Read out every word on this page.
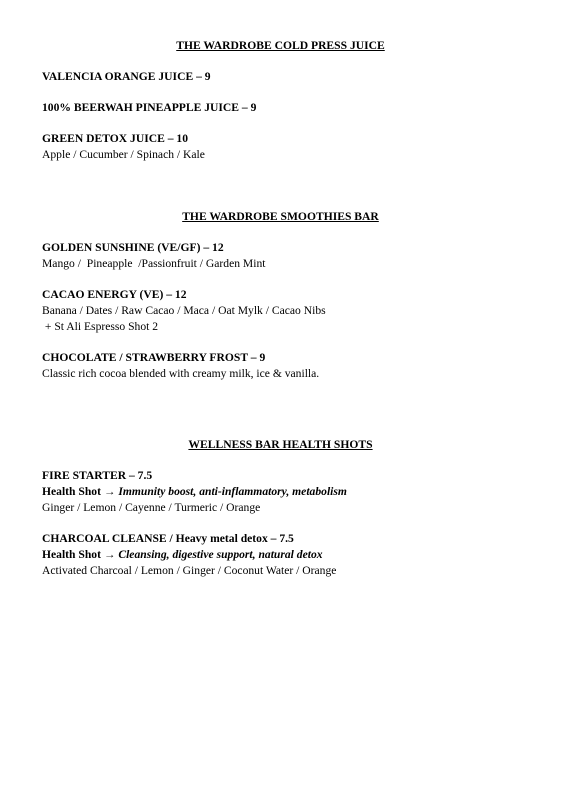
THE WARDROBE COLD PRESS JUICE
VALENCIA ORANGE JUICE – 9
100% BEERWAH PINEAPPLE JUICE – 9
GREEN DETOX JUICE – 10
Apple / Cucumber / Spinach / Kale
THE WARDROBE SMOOTHIES BAR
GOLDEN SUNSHINE (VE/GF) – 12
Mango /  Pineapple  /Passionfruit / Garden Mint
CACAO ENERGY (VE) – 12
Banana / Dates / Raw Cacao / Maca / Oat Mylk / Cacao Nibs
+ St Ali Espresso Shot 2
CHOCOLATE / STRAWBERRY FROST – 9
Classic rich cocoa blended with creamy milk, ice & vanilla.
WELLNESS BAR HEALTH SHOTS
FIRE STARTER – 7.5
Health Shot → Immunity boost, anti-inflammatory, metabolism
Ginger / Lemon / Cayenne / Turmeric / Orange
CHARCOAL CLEANSE / Heavy metal detox – 7.5
Health Shot → Cleansing, digestive support, natural detox
Activated Charcoal / Lemon / Ginger / Coconut Water / Orange
